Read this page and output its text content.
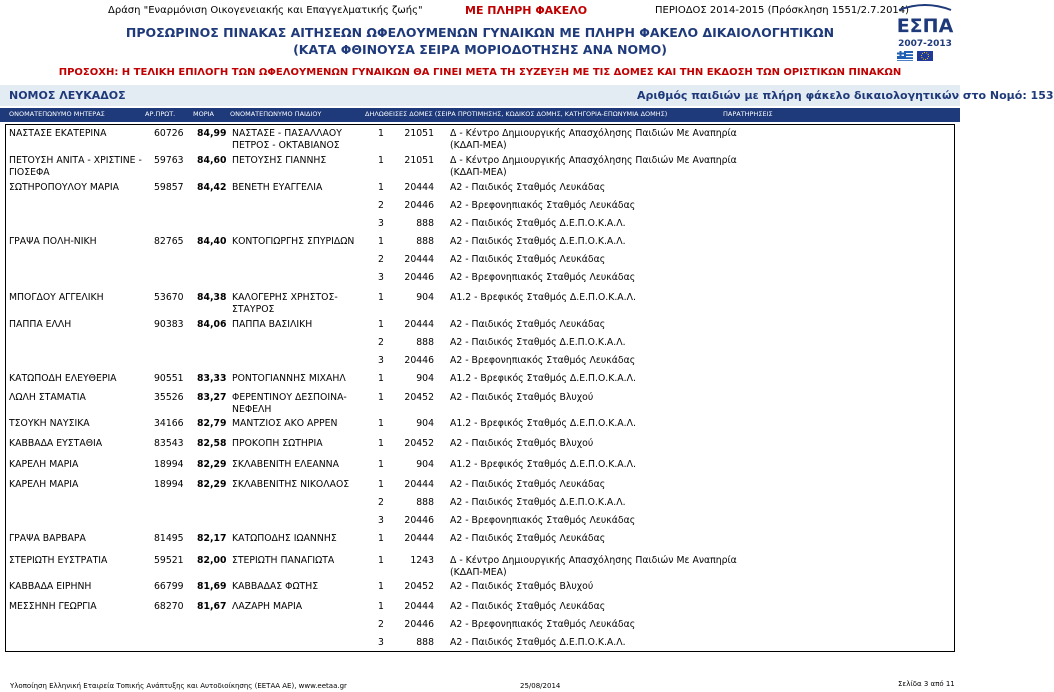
Δράση "Εναρμόνιση Οικογενειακής και Επαγγελματικής ζωής"	ΜΕ ΠΛΗΡΗ ΦΑΚΕΛΟ	ΠΕΡΙΟΔΟΣ 2014-2015 (Πρόσκληση 1551/2.7.2014)
ΠΡΟΣΩΡΙΝΟΣ ΠΙΝΑΚΑΣ ΑΙΤΗΣΕΩΝ ΩΦΕΛΟΥΜΕΝΩΝ ΓΥΝΑΙΚΩΝ ΜΕ ΠΛΗΡΗ ΦΑΚΕΛΟ ΔΙΚΑΙΟΛΟΓΗΤΙΚΩΝ
(ΚΑΤΑ ΦΘΙΝΟΥΣΑ ΣΕΙΡΑ ΜΟΡΙΟΔΟΤΗΣΗΣ ΑΝΑ ΝΟΜΟ)
ΠΡΟΣΟΧΗ: Η ΤΕΛΙΚΗ ΕΠΙΛΟΓΗ ΤΩΝ ΩΦΕΛΟΥΜΕΝΩΝ ΓΥΝΑΙΚΩΝ ΘΑ ΓΙΝΕΙ ΜΕΤΑ ΤΗ ΣΥΖΕΥΞΗ ΜΕ ΤΙΣ ΔΟΜΕΣ ΚΑΙ ΤΗΝ ΕΚΔΟΣΗ ΤΩΝ ΟΡΙΣΤΙΚΩΝ ΠΙΝΑΚΩΝ
ΕΣΠΑ
2007-2013
ΝΟΜΟΣ ΛΕΥΚΑΔΟΣ	Αριθμός παιδιών με πλήρη φάκελο δικαιολογητικών στο Νομό: 153
ΟΝΟΜΑΤΕΠΩΝΥΜΟ ΜΗΤΕΡΑΣ	ΑΡ.ΠΡΩΤ.	ΜΟΡΙΑ ΟΝΟΜΑΤΕΠΩΝΥΜΟ ΠΑΙΔΙΟΥ	ΔΗΛΩΘΕΙΣΕΣ ΔΟΜΕΣ (ΣΕΙΡΑ ΠΡΟΤΙΜΗΣΗΣ, ΚΩΔΙΚΟΣ ΔΟΜΗΣ, ΚΑΤΗΓΟΡΙΑ-ΕΠΩΝΥΜΙΑ ΔΟΜΗΣ)	ΠΑΡΑΤΗΡΗΣΕΙΣ
ΝΑΣΤΑΣΕ ΕΚΑΤΕΡΙΝΑ	60726 84,99 ΝΑΣΤΑΣΕ - ΠΑΣΑΛΛΑΟΥ
ΠΕΤΡΟΣ - ΟΚΤΑΒΙΑΝΟΣ
1	21051 Δ - Κέντρο Δημιουργικής Απασχόλησης Παιδιών Με Αναπηρία
(ΚΔΑΠ-ΜΕΑ)
ΠΕΤΟΥΣΗ ΑΝΙΤΑ - ΧΡΙΣΤΙΝΕ -
ΓΙΟΣΕΦΑ
59763 84,60 ΠΕΤΟΥΣΗΣ ΓΙΑΝΝΗΣ	1	21051 Δ - Κέντρο Δημιουργικής Απασχόλησης Παιδιών Με Αναπηρία
(ΚΔΑΠ-ΜΕΑ)
ΣΩΤΗΡΟΠΟΥΛΟΥ ΜΑΡΙΑ	59857 84,42 ΒΕΝΕΤΗ ΕΥΑΓΓΕΛΙΑ	1	20444 Α2 - Παιδικός Σταθμός Λευκάδας
2	20446 Α2 - Βρεφονηπιακός Σταθμός Λευκάδας
3	888 Α2 - Παιδικός Σταθμός Δ.Ε.Π.Ο.Κ.Α.Λ.
ΓΡΑΨΑ ΠΟΛΗ-ΝΙΚΗ	82765 84,40 ΚΟΝΤΟΓΙΩΡΓΗΣ ΣΠΥΡΙΔΩΝ	1	888 Α2 - Παιδικός Σταθμός Δ.Ε.Π.Ο.Κ.Α.Λ.
2	20444 Α2 - Παιδικός Σταθμός Λευκάδας
3	20446 Α2 - Βρεφονηπιακός Σταθμός Λευκάδας
ΜΠΟΓΔΟΥ ΑΓΓΕΛΙΚΗ	53670 84,38 ΚΑΛΟΓΕΡΗΣ ΧΡΗΣΤΟΣ-
ΣΤΑΥΡΟΣ
1	904 Α1.2 - Βρεφικός Σταθμός Δ.Ε.Π.Ο.Κ.Α.Λ.
ΠΑΠΠΑ ΕΛΛΗ	90383 84,06 ΠΑΠΠΑ ΒΑΣΙΛΙΚΗ	1	20444 Α2 - Παιδικός Σταθμός Λευκάδας
2	888 Α2 - Παιδικός Σταθμός Δ.Ε.Π.Ο.Κ.Α.Λ.
3	20446 Α2 - Βρεφονηπιακός Σταθμός Λευκάδας
ΚΑΤΩΠΟΔΗ ΕΛΕΥΘΕΡΙΑ	90551 83,33 ΡΟΝΤΟΓΙΑΝΝΗΣ ΜΙΧΑΗΛ	1	904 Α1.2 - Βρεφικός Σταθμός Δ.Ε.Π.Ο.Κ.Α.Λ.
ΛΩΛΗ ΣΤΑΜΑΤΙΑ	35526 83,27 ΦΕΡΕΝΤΙΝΟΥ ΔΕΣΠΟΙΝΑ-
ΝΕΦΕΛΗ
1	20452 Α2 - Παιδικός Σταθμός Βλυχού
ΤΣΟΥΚΗ ΝΑΥΣΙΚΑ	34166 82,79 ΜΑΝΤΖΙΟΣ ΑΚΟ ΑΡΡΕΝ	1	904 Α1.2 - Βρεφικός Σταθμός Δ.Ε.Π.Ο.Κ.Α.Λ.
ΚΑΒΒΑΔΑ ΕΥΣΤΑΘΙΑ	83543 82,58 ΠΡΟΚΟΠΗ ΣΩΤΗΡΙΑ	1	20452 Α2 - Παιδικός Σταθμός Βλυχού
ΚΑΡΕΛΗ ΜΑΡΙΑ	18994 82,29 ΣΚΛΑΒΕΝΙΤΗ ΕΛΕΑΝΝΑ	1	904 Α1.2 - Βρεφικός Σταθμός Δ.Ε.Π.Ο.Κ.Α.Λ.
ΚΑΡΕΛΗ ΜΑΡΙΑ	18994 82,29 ΣΚΛΑΒΕΝΙΤΗΣ ΝΙΚΟΛΑΟΣ	1	20444 Α2 - Παιδικός Σταθμός Λευκάδας
2	888 Α2 - Παιδικός Σταθμός Δ.Ε.Π.Ο.Κ.Α.Λ.
3	20446 Α2 - Βρεφονηπιακός Σταθμός Λευκάδας
ΓΡΑΨΑ ΒΑΡΒΑΡΑ	81495 82,17 ΚΑΤΩΠΟΔΗΣ ΙΩΑΝΝΗΣ	1	20444 Α2 - Παιδικός Σταθμός Λευκάδας
ΣΤΕΡΙΩΤΗ ΕΥΣΤΡΑΤΙΑ	59521 82,00 ΣΤΕΡΙΩΤΗ ΠΑΝΑΓΙΩΤΑ	1	1243 Δ - Κέντρο Δημιουργικής Απασχόλησης Παιδιών Με Αναπηρία
(ΚΔΑΠ-ΜΕΑ)
ΚΑΒΒΑΔΑ ΕΙΡΗΝΗ	66799 81,69 ΚΑΒΒΑΔΑΣ ΦΩΤΗΣ	1	20452 Α2 - Παιδικός Σταθμός Βλυχού
ΜΕΣΣΗΝΗ ΓΕΩΡΓΙΑ	68270 81,67 ΛΑΖΑΡΗ ΜΑΡΙΑ	1	20444 Α2 - Παιδικός Σταθμός Λευκάδας
2	20446 Α2 - Βρεφονηπιακός Σταθμός Λευκάδας
3	888 Α2 - Παιδικός Σταθμός Δ.Ε.Π.Ο.Κ.Α.Λ.
Υλοποίηση Ελληνική Εταιρεία Τοπικής Ανάπτυξης και Αυτοδιοίκησης (ΕΕΤΑΑ ΑΕ), www.eetaa.gr	25/08/2014	Σελίδα 3 από 11
